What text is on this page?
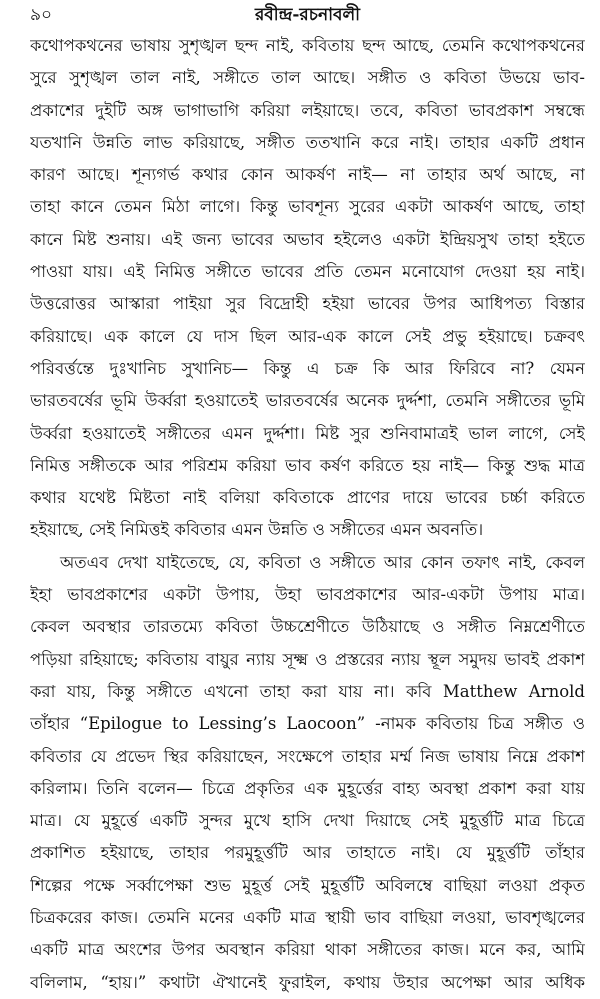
৯০	রবীন্দ্র-রচনাবলী
কথোপকথনের ভাষায় সুশৃঙ্খল ছন্দ নাই, কবিতায় ছন্দ আছে, তেমনি কথোপকথনের
সুরে সুশৃঙ্খল তাল নাই, সঙ্গীতে তাল আছে। সঙ্গীত ও কবিতা উভয়ে ভাব-
প্রকাশের দুইটি অঙ্গ ভাগাভাগি করিয়া লইয়াছে। তবে, কবিতা ভাবপ্রকাশ সম্বন্ধে
যতখানি উন্নতি লাভ করিয়াছে, সঙ্গীত ততখানি করে নাই। তাহার একটি প্রধান
কারণ আছে। শূন্যগর্ভ কথার কোন আকর্ষণ নাই— না তাহার অর্থ আছে, না
তাহা কানে তেমন মিঠা লাগে। কিন্তু ভাবশূন্য সুরের একটা আকর্ষণ আছে, তাহা
কানে মিষ্ট শুনায়। এই জন্য ভাবের অভাব হইলেও একটা ইন্দ্রিয়সুখ তাহা হইতে
পাওয়া যায়। এই নিমিত্ত সঙ্গীতে ভাবের প্রতি তেমন মনোযোগ দেওয়া হয় নাই।
উত্তরোত্তর আস্কারা পাইয়া সুর বিদ্রোহী হইয়া ভাবের উপর আধিপত্য বিস্তার
করিয়াছে। এক কালে যে দাস ছিল আর-এক কালে সেই প্রভু হইয়াছে। চক্রবৎ
পরিবর্ত্তন্তে দুঃখানিচ সুখানিচ— কিন্তু এ চক্র কি আর ফিরিবে না? যেমন
ভারতবর্ষের ভূমি উর্ব্বরা হওয়াতেই ভারতবর্ষের অনেক দুর্দ্দশা, তেমনি সঙ্গীতের ভূমি
উর্ব্বরা হওয়াতেই সঙ্গীতের এমন দুর্দ্দশা। মিষ্ট সুর শুনিবামাত্রই ভাল লাগে, সেই
নিমিত্ত সঙ্গীতকে আর পরিশ্রম করিয়া ভাব কর্ষণ করিতে হয় নাই— কিন্তু শুদ্ধ মাত্র
কথার যথেষ্ট মিষ্টতা নাই বলিয়া কবিতাকে প্রাণের দায়ে ভাবের চর্চ্চা করিতে
হইয়াছে, সেই নিমিত্তই কবিতার এমন উন্নতি ও সঙ্গীতের এমন অবনতি।
অতএব দেখা যাইতেছে, যে, কবিতা ও সঙ্গীতে আর কোন তফাৎ নাই, কেবল
ইহা ভাবপ্রকাশের একটা উপায়, উহা ভাবপ্রকাশের আর-একটা উপায় মাত্র।
কেবল অবস্থার তারতম্যে কবিতা উচ্চশ্রেণীতে উঠিয়াছে ও সঙ্গীত নিম্নশ্রেণীতে
পড়িয়া রহিয়াছে; কবিতায় বায়ুর ন্যায় সূক্ষ্ম ও প্রস্তরের ন্যায় স্থূল সমুদয় ভাবই প্রকাশ
করা যায়, কিন্তু সঙ্গীতে এখনো তাহা করা যায় না। কবি Matthew Arnold
তাঁহার “Epilogue to Lessing’s Laocoon” -নামক কবিতায় চিত্র সঙ্গীত ও
কবিতার যে প্রভেদ স্থির করিয়াছেন, সংক্ষেপে তাহার মর্ম্ম নিজ ভাষায় নিম্নে প্রকাশ
করিলাম। তিনি বলেন— চিত্রে প্রকৃতির এক মুহূর্ত্তের বাহ্য অবস্থা প্রকাশ করা যায়
মাত্র। যে মুহূর্ত্তে একটি সুন্দর মুখে হাসি দেখা দিয়াছে সেই মুহূর্ত্তটি মাত্র চিত্রে
প্রকাশিত হইয়াছে, তাহার পরমুহূর্ত্তটি আর তাহাতে নাই। যে মুহূর্ত্তটি তাঁহার
শিল্পের পক্ষে সর্ব্বাপেক্ষা শুভ মুহূর্ত্ত সেই মুহূর্ত্তটি অবিলম্বে বাছিয়া লওয়া প্রকৃত
চিত্রকরের কাজ। তেমনি মনের একটি মাত্র স্থায়ী ভাব বাছিয়া লওয়া, ভাবশৃঙ্খলের
একটি মাত্র অংশের উপর অবস্থান করিয়া থাকা সঙ্গীতের কাজ। মনে কর, আমি
বলিলাম, “হায়।” কথাটা ঐখানেই ফুরাইল, কথায় উহার অপেক্ষা আর অধিক
